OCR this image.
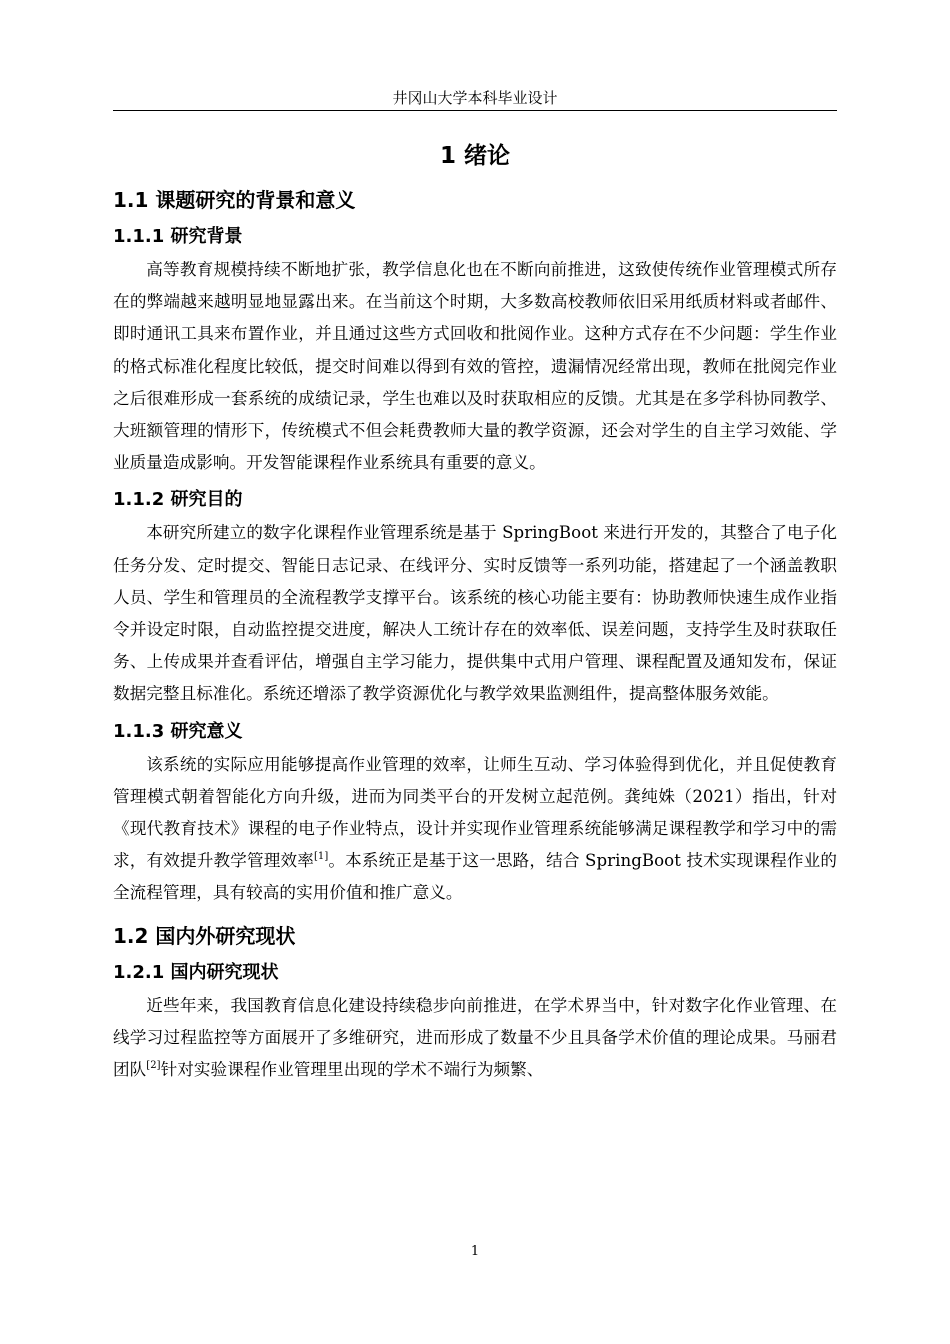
井冈山大学本科毕业设计
1 绪论
1.1 课题研究的背景和意义
1.1.1 研究背景

高等教育规模持续不断地扩张，教学信息化也在不断向前推进，这致使传统作业管理模式所存在的弊端越来越明显地显露出来。在当前这个时期，大多数高校教师依旧采用纸质材料或者邮件、即时通讯工具来布置作业，并且通过这些方式回收和批阅作业。这种方式存在不少问题：学生作业的格式标准化程度比较低，提交时间难以得到有效的管控，遗漏情况经常出现，教师在批阅完作业之后很难形成一套系统的成绩记录，学生也难以及时获取相应的反馈。尤其是在多学科协同教学、大班额管理的情形下，传统模式不但会耗费教师大量的教学资源，还会对学生的自主学习效能、学业质量造成影响。开发智能课程作业系统具有重要的意义。

1.1.2 研究目的

本研究所建立的数字化课程作业管理系统是基于 SpringBoot 来进行开发的，其整合了电子化任务分发、定时提交、智能日志记录、在线评分、实时反馈等一系列功能，搭建起了一个涵盖教职人员、学生和管理员的全流程教学支撑平台。该系统的核心功能主要有：协助教师快速生成作业指令并设定时限，自动监控提交进度，解决人工统计存在的效率低、误差问题，支持学生及时获取任务、上传成果并查看评估，增强自主学习能力，提供集中式用户管理、课程配置及通知发布，保证数据完整且标准化。系统还增添了教学资源优化与教学效果监测组件，提高整体服务效能。

1.1.3 研究意义

该系统的实际应用能够提高作业管理的效率，让师生互动、学习体验得到优化，并且促使教育管理模式朝着智能化方向升级，进而为同类平台的开发树立起范例。龚纯姝（2021）指出，针对《现代教育技术》课程的电子作业特点，设计并实现作业管理系统能够满足课程教学和学习中的需求，有效提升教学管理效率[1]。本系统正是基于这一思路，结合 SpringBoot 技术实现课程作业的全流程管理，具有较高的实用价值和推广意义。

1.2 国内外研究现状
1.2.1 国内研究现状

近些年来，我国教育信息化建设持续稳步向前推进，在学术界当中，针对数字化作业管理、在线学习过程监控等方面展开了多维研究，进而形成了数量不少且具备学术价值的理论成果。马丽君团队[2]针对实验课程作业管理里出现的学术不端行为频繁、

1
